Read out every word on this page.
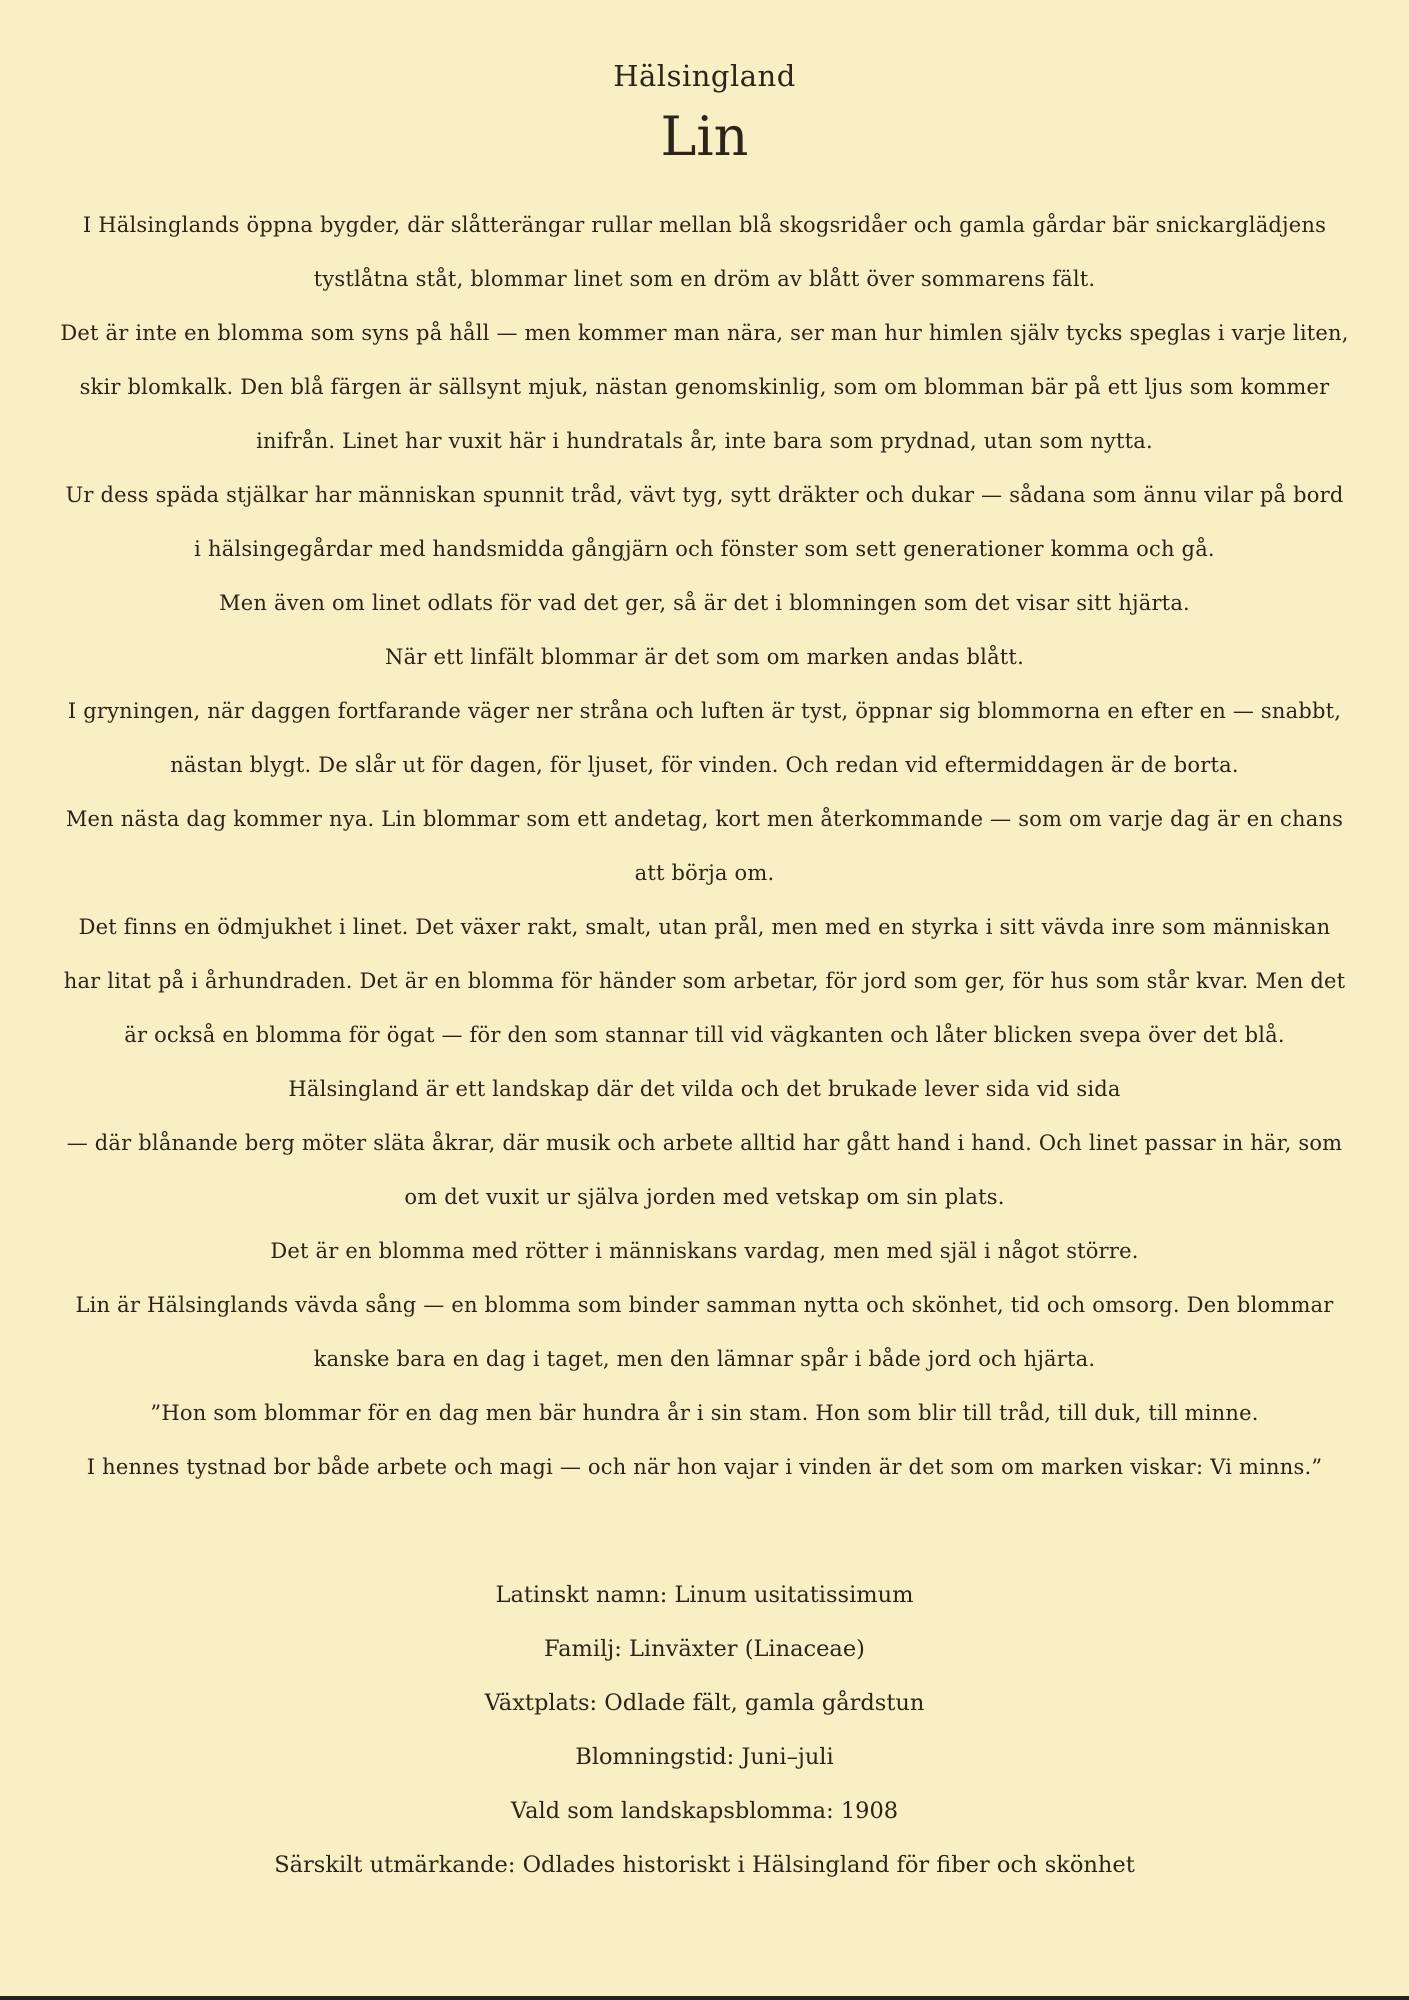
Hälsingland
Lin

I Hälsinglands öppna bygder, där slåtterängar rullar mellan blå skogsridåer och gamla gårdar bär snickarglädjens tystlåtna ståt, blommar linet som en dröm av blått över sommarens fält.

Det är inte en blomma som syns på håll — men kommer man nära, ser man hur himlen själv tycks speglas i varje liten, skir blomkalk. Den blå färgen är sällsynt mjuk, nästan genomskinlig, som om blomman bär på ett ljus som kommer inifrån. Linet har vuxit här i hundratals år, inte bara som prydnad, utan som nytta.

Ur dess späda stjälkar har människan spunnit tråd, vävt tyg, sytt dräkter och dukar — sådana som ännu vilar på bord i hälsingegårdar med handsmidda gångjärn och fönster som sett generationer komma och gå.

Men även om linet odlats för vad det ger, så är det i blomningen som det visar sitt hjärta.

När ett linfält blommar är det som om marken andas blått.

I gryningen, när daggen fortfarande väger ner stråna och luften är tyst, öppnar sig blommorna en efter en — snabbt, nästan blygt. De slår ut för dagen, för ljuset, för vinden. Och redan vid eftermiddagen är de borta.

Men nästa dag kommer nya. Lin blommar som ett andetag, kort men återkommande — som om varje dag är en chans att börja om.

Det finns en ödmjukhet i linet. Det växer rakt, smalt, utan prål, men med en styrka i sitt vävda inre som människan har litat på i århundraden. Det är en blomma för händer som arbetar, för jord som ger, för hus som står kvar. Men det är också en blomma för ögat — för den som stannar till vid vägkanten och låter blicken svepa över det blå.

Hälsingland är ett landskap där det vilda och det brukade lever sida vid sida

— där blånande berg möter släta åkrar, där musik och arbete alltid har gått hand i hand. Och linet passar in här, som om det vuxit ur själva jorden med vetskap om sin plats.

Det är en blomma med rötter i människans vardag, men med själ i något större.

Lin är Hälsinglands vävda sång — en blomma som binder samman nytta och skönhet, tid och omsorg. Den blommar kanske bara en dag i taget, men den lämnar spår i både jord och hjärta.

”Hon som blommar för en dag men bär hundra år i sin stam. Hon som blir till tråd, till duk, till minne.

I hennes tystnad bor både arbete och magi — och när hon vajar i vinden är det som om marken viskar: Vi minns.”

Latinskt namn: Linum usitatissimum
Familj: Linväxter (Linaceae)
Växtplats: Odlade fält, gamla gårdstun
Blomningstid: Juni–juli
Vald som landskapsblomma: 1908
Särskilt utmärkande: Odlades historiskt i Hälsingland för fiber och skönhet
